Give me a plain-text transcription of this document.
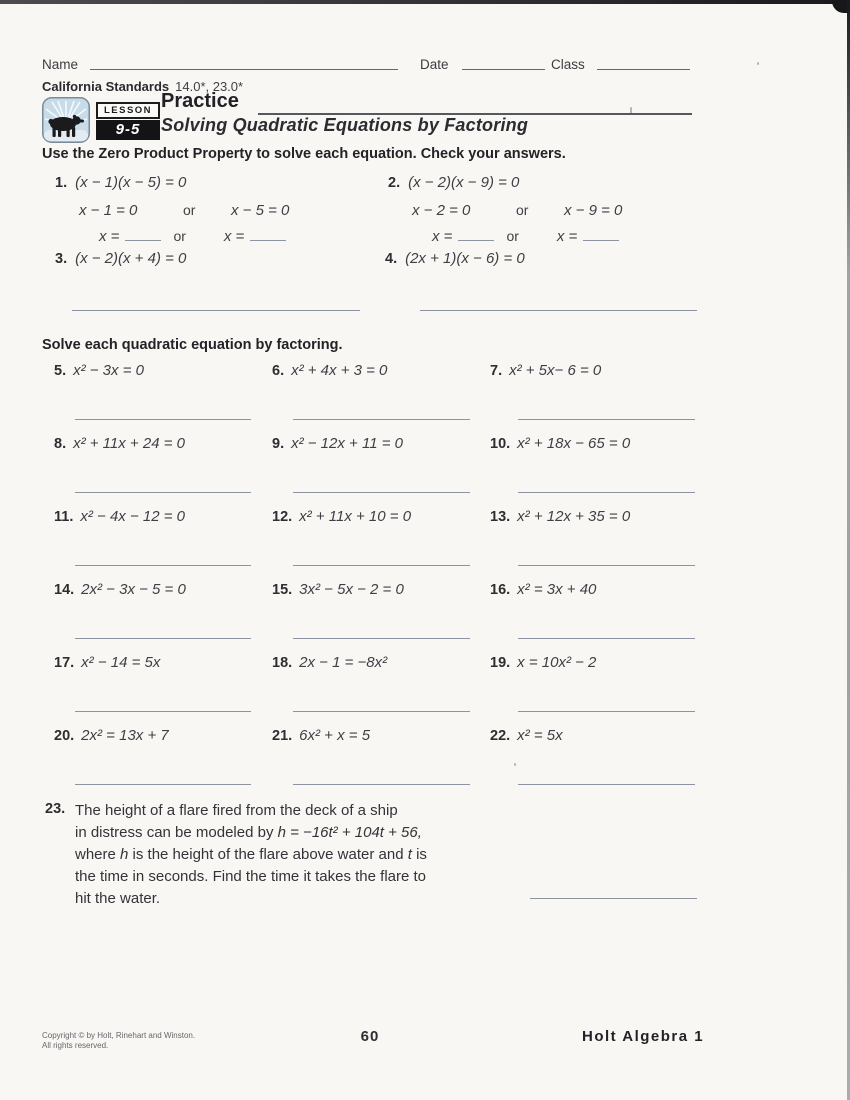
Name	Date	Class
California Standards 14.0*, 23.0*
LESSON
9-5
Practice
Solving Quadratic Equations by Factoring
Use the Zero Product Property to solve each equation. Check your answers.
1. (x − 1)(x − 5) = 0
x − 1 = 0	or	x − 5 = 0
x =	or	x =
2. (x − 2)(x − 9) = 0
x − 2 = 0	or	x − 9 = 0
x =	or	x =
3. (x − 2)(x + 4) = 0	4. (2x + 1)(x − 6) = 0
Solve each quadratic equation by factoring.
5. x² − 3x = 0	6. x² + 4x + 3 = 0	7. x² + 5x− 6 = 0
8. x² + 11x + 24 = 0	9. x² − 12x + 11 = 0	10. x² + 18x − 65 = 0
11. x² − 4x − 12 = 0	12. x² + 11x + 10 = 0	13. x² + 12x + 35 = 0
14. 2x² − 3x − 5 = 0	15. 3x² − 5x − 2 = 0	16. x² = 3x + 40
17. x² − 14 = 5x	18. 2x − 1 = −8x²	19. x = 10x² − 2
20. 2x² = 13x + 7	21. 6x² + x = 5	22. x² = 5x
23. The height of a flare fired from the deck of a ship
in distress can be modeled by h = −16t² + 104t + 56,
where h is the height of the flare above water and t is
the time in seconds. Find the time it takes the flare to
hit the water.
Copyright © by Holt, Rinehart and Winston.
All rights reserved.	60	Holt Algebra 1
